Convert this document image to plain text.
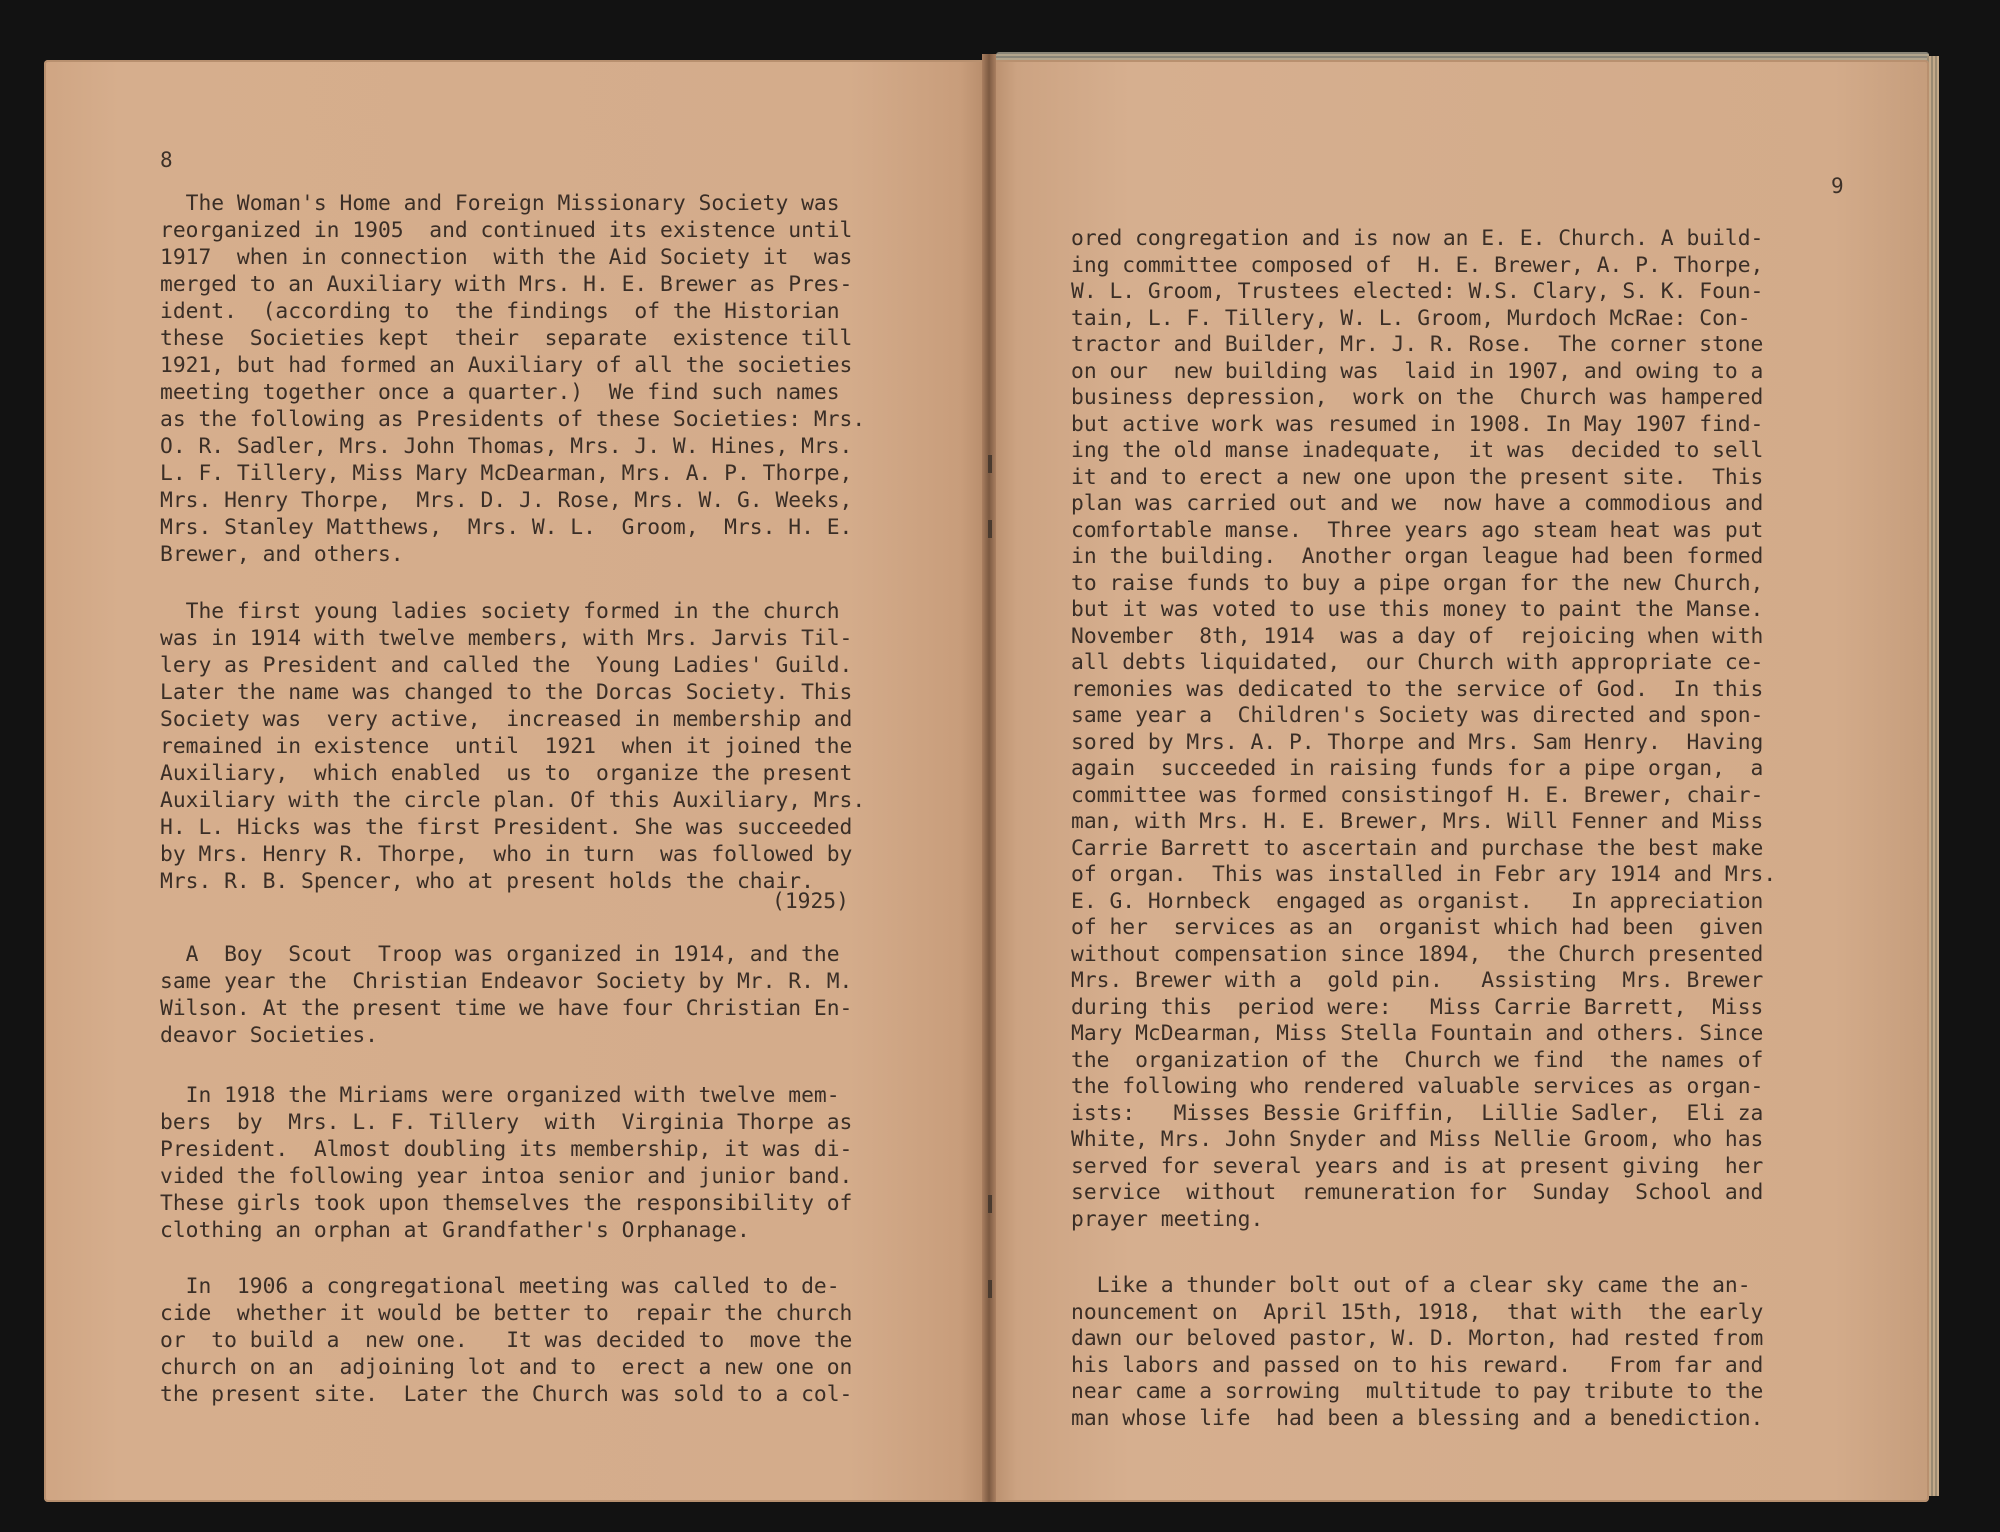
8

The Woman's Home and Foreign Missionary Society was
reorganized in 1905  and continued its existence until
1917  when in connection  with the Aid Society it  was
merged to an Auxiliary with Mrs. H. E. Brewer as Pres-
ident.  (according to  the findings  of the Historian
these  Societies kept  their  separate  existence till
1921, but had formed an Auxiliary of all the societies
meeting together once a quarter.)  We find such names
as the following as Presidents of these Societies: Mrs.
O. R. Sadler, Mrs. John Thomas, Mrs. J. W. Hines, Mrs.
L. F. Tillery, Miss Mary McDearman, Mrs. A. P. Thorpe,
Mrs. Henry Thorpe,  Mrs. D. J. Rose, Mrs. W. G. Weeks,
Mrs. Stanley Matthews,  Mrs. W. L.  Groom,  Mrs. H. E.
Brewer, and others.

The first young ladies society formed in the church
was in 1914 with twelve members, with Mrs. Jarvis Til-
lery as President and called the  Young Ladies' Guild.
Later the name was changed to the Dorcas Society. This
Society was  very active,  increased in membership and
remained in existence  until  1921  when it joined the
Auxiliary,  which enabled  us to  organize the present
Auxiliary with the circle plan. Of this Auxiliary, Mrs.
H. L. Hicks was the first President. She was succeeded
by Mrs. Henry R. Thorpe,  who in turn  was followed by
Mrs. R. B. Spencer, who at present holds the chair.

(1925)

A  Boy  Scout  Troop was organized in 1914, and the
same year the  Christian Endeavor Society by Mr. R. M.
Wilson. At the present time we have four Christian En-
deavor Societies.

In 1918 the Miriams were organized with twelve mem-
bers  by  Mrs. L. F. Tillery  with  Virginia Thorpe as
President.  Almost doubling its membership, it was di-
vided the following year intoa senior and junior band.
These girls took upon themselves the responsibility of
clothing an orphan at Grandfather's Orphanage.

In  1906 a congregational meeting was called to de-
cide  whether it would be better to  repair the church
or  to build a  new one.   It was decided to  move the
church on an  adjoining lot and to  erect a new one on
the present site.  Later the Church was sold to a col-

9

ored congregation and is now an E. E. Church. A build-
ing committee composed of  H. E. Brewer, A. P. Thorpe,
W. L. Groom, Trustees elected: W.S. Clary, S. K. Foun-
tain, L. F. Tillery, W. L. Groom, Murdoch McRae: Con-
tractor and Builder, Mr. J. R. Rose.  The corner stone
on our  new building was  laid in 1907, and owing to a
business depression,  work on the  Church was hampered
but active work was resumed in 1908. In May 1907 find-
ing the old manse inadequate,  it was  decided to sell
it and to erect a new one upon the present site.  This
plan was carried out and we  now have a commodious and
comfortable manse.  Three years ago steam heat was put
in the building.  Another organ league had been formed
to raise funds to buy a pipe organ for the new Church,
but it was voted to use this money to paint the Manse.
November  8th, 1914  was a day of  rejoicing when with
all debts liquidated,  our Church with appropriate ce-
remonies was dedicated to the service of God.  In this
same year a  Children's Society was directed and spon-
sored by Mrs. A. P. Thorpe and Mrs. Sam Henry.  Having
again  succeeded in raising funds for a pipe organ,  a
committee was formed consistingof H. E. Brewer, chair-
man, with Mrs. H. E. Brewer, Mrs. Will Fenner and Miss
Carrie Barrett to ascertain and purchase the best make
of organ.  This was installed in Febr ary 1914 and Mrs.
E. G. Hornbeck  engaged as organist.   In appreciation
of her  services as an  organist which had been  given
without compensation since 1894,  the Church presented
Mrs. Brewer with a  gold pin.   Assisting  Mrs. Brewer
during this  period were:   Miss Carrie Barrett,  Miss
Mary McDearman, Miss Stella Fountain and others. Since
the  organization of the  Church we find  the names of
the following who rendered valuable services as organ-
ists:   Misses Bessie Griffin,  Lillie Sadler,  Eli za
White, Mrs. John Snyder and Miss Nellie Groom, who has
served for several years and is at present giving  her
service  without  remuneration for  Sunday  School and
prayer meeting.

Like a thunder bolt out of a clear sky came the an-
nouncement on  April 15th, 1918,  that with  the early
dawn our beloved pastor, W. D. Morton, had rested from
his labors and passed on to his reward.   From far and
near came a sorrowing  multitude to pay tribute to the
man whose life  had been a blessing and a benediction.
